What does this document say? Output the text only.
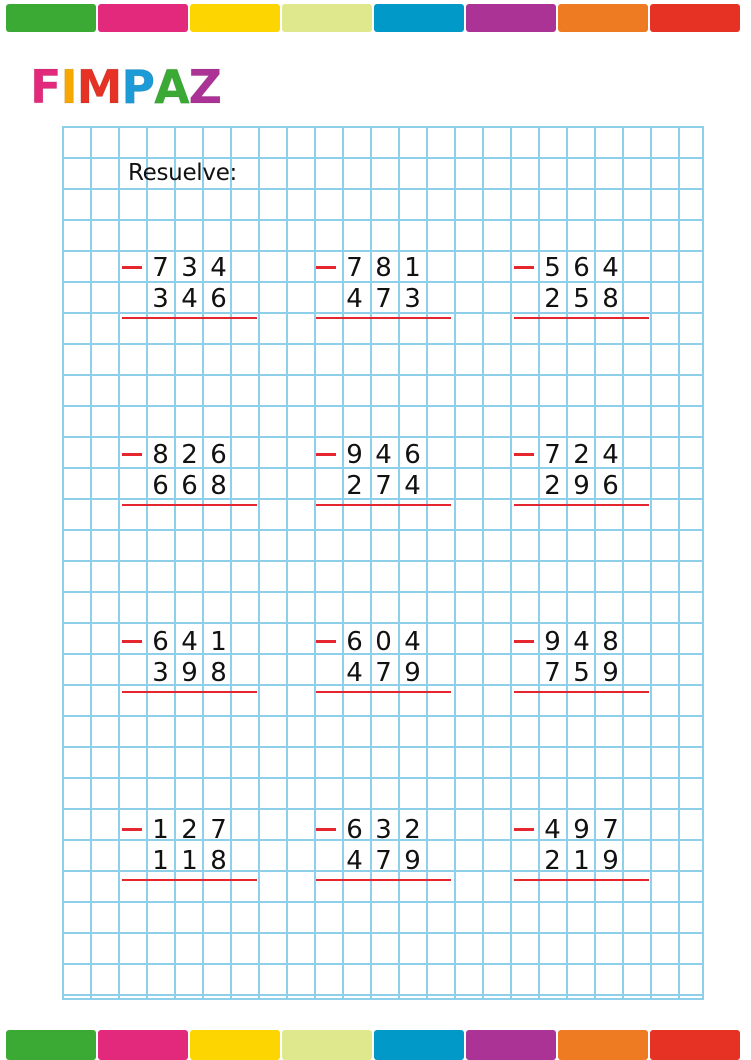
F I M P A Z
Resuelve:
7 3 4
3 4 6
7 8 1
4 7 3
5 6 4
2 5 8
8 2 6
6 6 8
9 4 6
2 7 4
7 2 4
2 9 6
6 4 1
3 9 8
6 0 4
4 7 9
9 4 8
7 5 9
1 2 7
1 1 8
6 3 2
4 7 9
4 9 7
2 1 9
